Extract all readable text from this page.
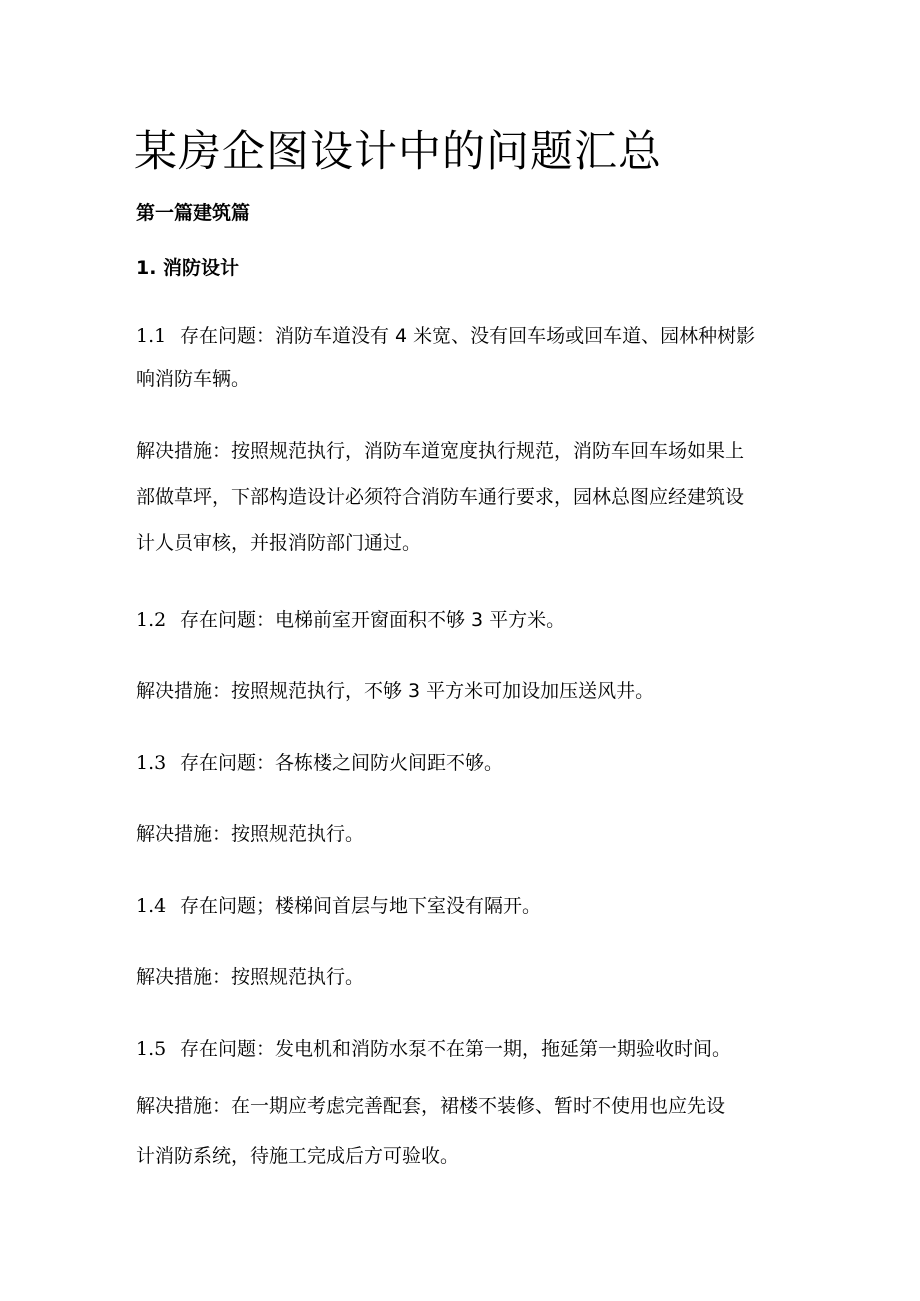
某房企图设计中的问题汇总
第一篇建筑篇
1. 消防设计
1.1 存在问题：消防车道没有 4 米宽、没有回车场或回车道、园林种树影
响消防车辆。
解决措施：按照规范执行，消防车道宽度执行规范，消防车回车场如果上
部做草坪，下部构造设计必须符合消防车通行要求，园林总图应经建筑设
计人员审核，并报消防部门通过。
1.2 存在问题：电梯前室开窗面积不够 3 平方米。
解决措施：按照规范执行，不够 3 平方米可加设加压送风井。
1.3 存在问题：各栋楼之间防火间距不够。
解决措施：按照规范执行。
1.4 存在问题；楼梯间首层与地下室没有隔开。
解决措施：按照规范执行。
1.5 存在问题：发电机和消防水泵不在第一期，拖延第一期验收时间。
解决措施：在一期应考虑完善配套，裙楼不装修、暂时不使用也应先设
计消防系统，待施工完成后方可验收。
